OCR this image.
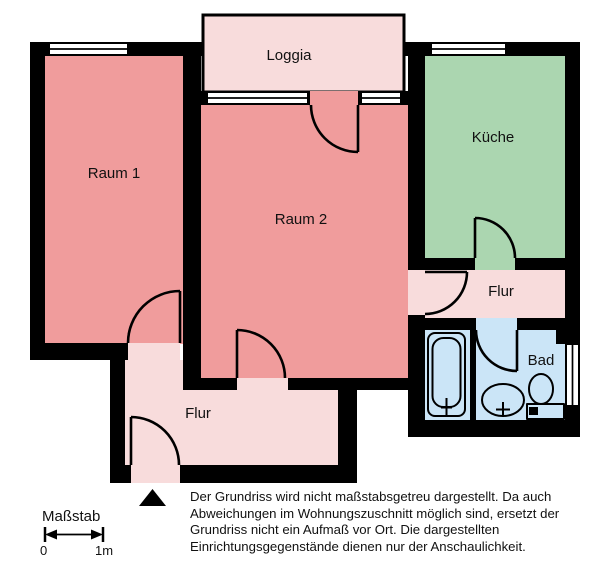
Loggia
Raum 1
Raum 2
Küche
Flur
Bad
Flur
Maßstab
0	1m
Der Grundriss wird nicht maßstabsgetreu dargestellt. Da auch
Abweichungen im Wohnungszuschnitt möglich sind, ersetzt der
Grundriss nicht ein Aufmaß vor Ort. Die dargestellten
Einrichtungsgegenstände dienen nur der Anschaulichkeit.
